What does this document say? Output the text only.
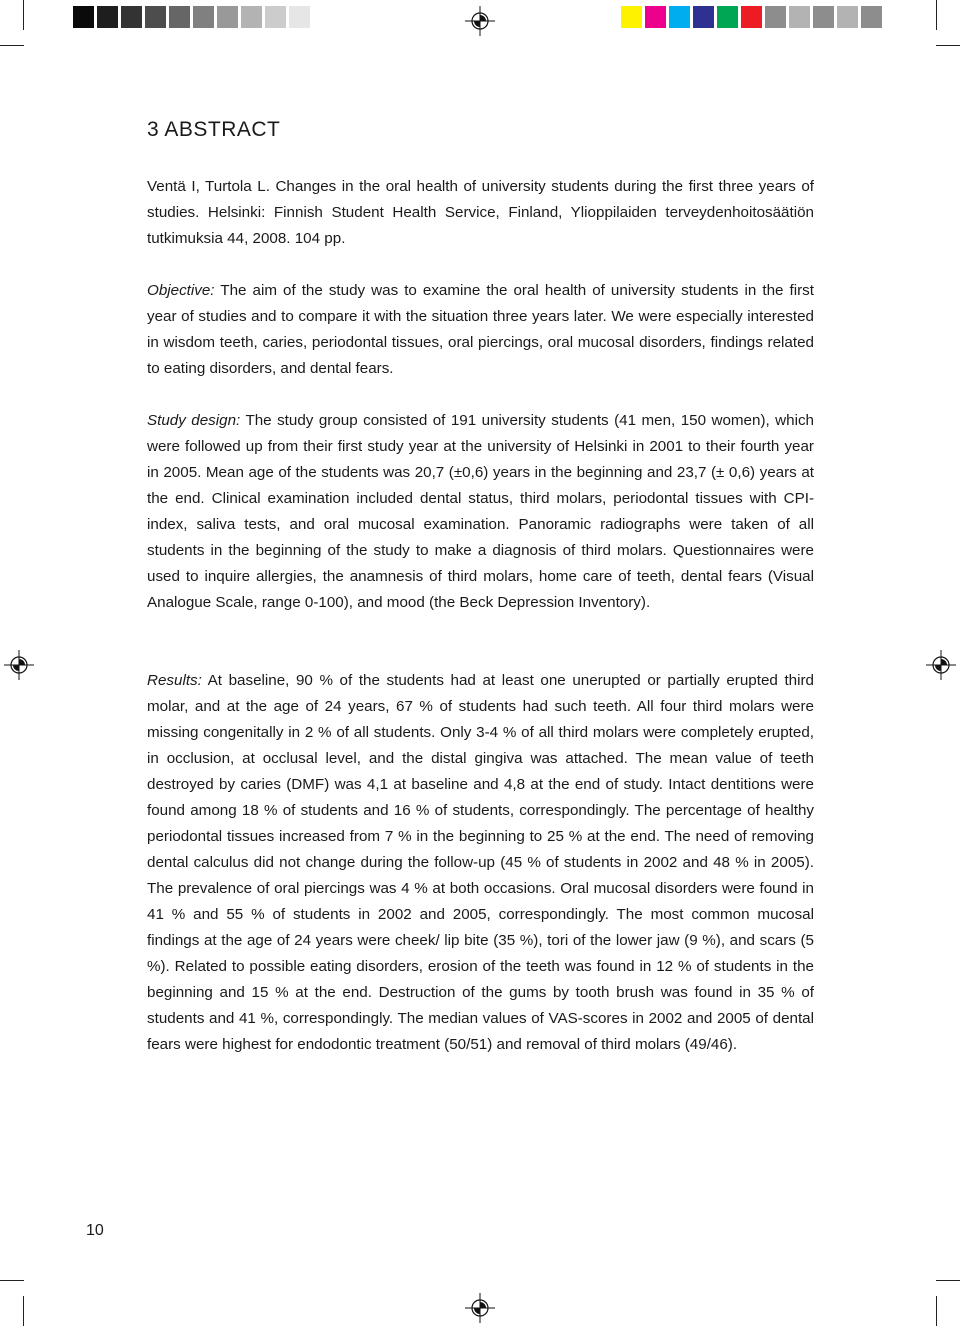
3 ABSTRACT

Ventä I, Turtola L. Changes in the oral health of university students during the first three years of studies. Helsinki: Finnish Student Health Service, Finland, Ylioppilaiden terveydenhoitosäätiön tutkimuksia 44, 2008. 104 pp.

Objective: The aim of the study was to examine the oral health of university students in the first year of studies and to compare it with the situation three years later. We were especially interested in wisdom teeth, caries, periodontal tissues, oral piercings, oral mucosal disorders, findings related to eating disorders, and dental fears.

Study design: The study group consisted of 191 university students (41 men, 150 women), which were followed up from their first study year at the university of Helsinki in 2001 to their fourth year in 2005. Mean age of the students was 20,7 (±0,6) years in the beginning and 23,7 (± 0,6) years at the end. Clinical examination included dental status, third molars, periodontal tissues with CPI-index, saliva tests, and oral mucosal examination. Panoramic radiographs were taken of all students in the beginning of the study to make a diagnosis of third molars. Questionnaires were used to inquire allergies, the anamnesis of third molars, home care of teeth, dental fears (Visual Analogue Scale, range 0-100), and mood (the Beck Depression Inventory).

Results: At baseline, 90 % of the students had at least one unerupted or partially erupted third molar, and at the age of 24 years, 67 % of students had such teeth. All four third molars were missing congenitally in 2 % of all students. Only 3-4 % of all third molars were completely erupted, in occlusion, at occlusal level, and the distal gingiva was attached. The mean value of teeth destroyed by caries (DMF) was 4,1 at baseline and 4,8 at the end of study. Intact dentitions were found among 18 % of students and 16 % of students, correspondingly. The percentage of healthy periodontal tissues increased from 7 % in the beginning to 25 % at the end. The need of removing dental calculus did not change during the follow-up (45 % of students in 2002 and 48 % in 2005). The prevalence of oral piercings was 4 % at both occasions. Oral mucosal disorders were found in 41 % and 55 % of students in 2002 and 2005, correspondingly. The most common mucosal findings at the age of 24 years were cheek/ lip bite (35 %), tori of the lower jaw (9 %), and scars (5 %). Related to possible eating disorders, erosion of the teeth was found in 12 % of students in the beginning and 15 % at the end. Destruction of the gums by tooth brush was found in 35 % of students and 41 %, correspondingly. The median values of VAS-scores in 2002 and 2005 of dental fears were highest for endodontic treatment (50/51) and removal of third molars (49/46).

10
